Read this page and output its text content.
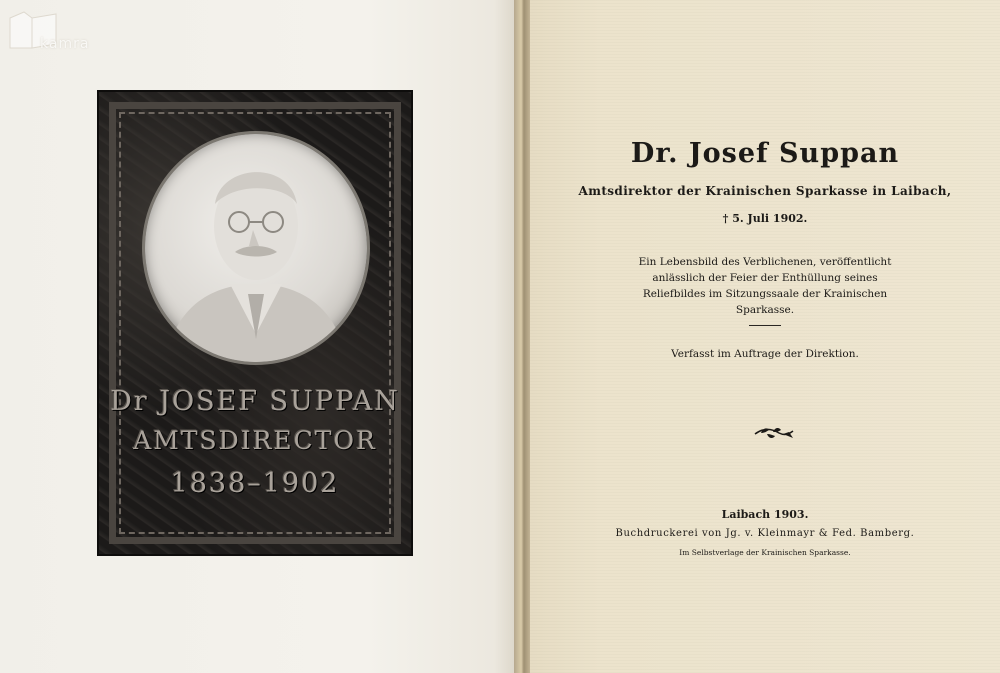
kamra
Dr JOSEF SUPPAN
AMTSDIRECTOR
1838–1902
Dr. Josef Suppan
Amtsdirektor der Krainischen Sparkasse in Laibach,
† 5. Juli 1902.
Ein Lebensbild des Verblichenen, veröffentlicht anlässlich der Feier der Enthüllung seines Reliefbildes im Sitzungssaale der Krainischen Sparkasse.
Verfasst im Auftrage der Direktion.
Laibach 1903.
Buchdruckerei von Jg. v. Kleinmayr & Fed. Bamberg.
Im Selbstverlage der Krainischen Sparkasse.
